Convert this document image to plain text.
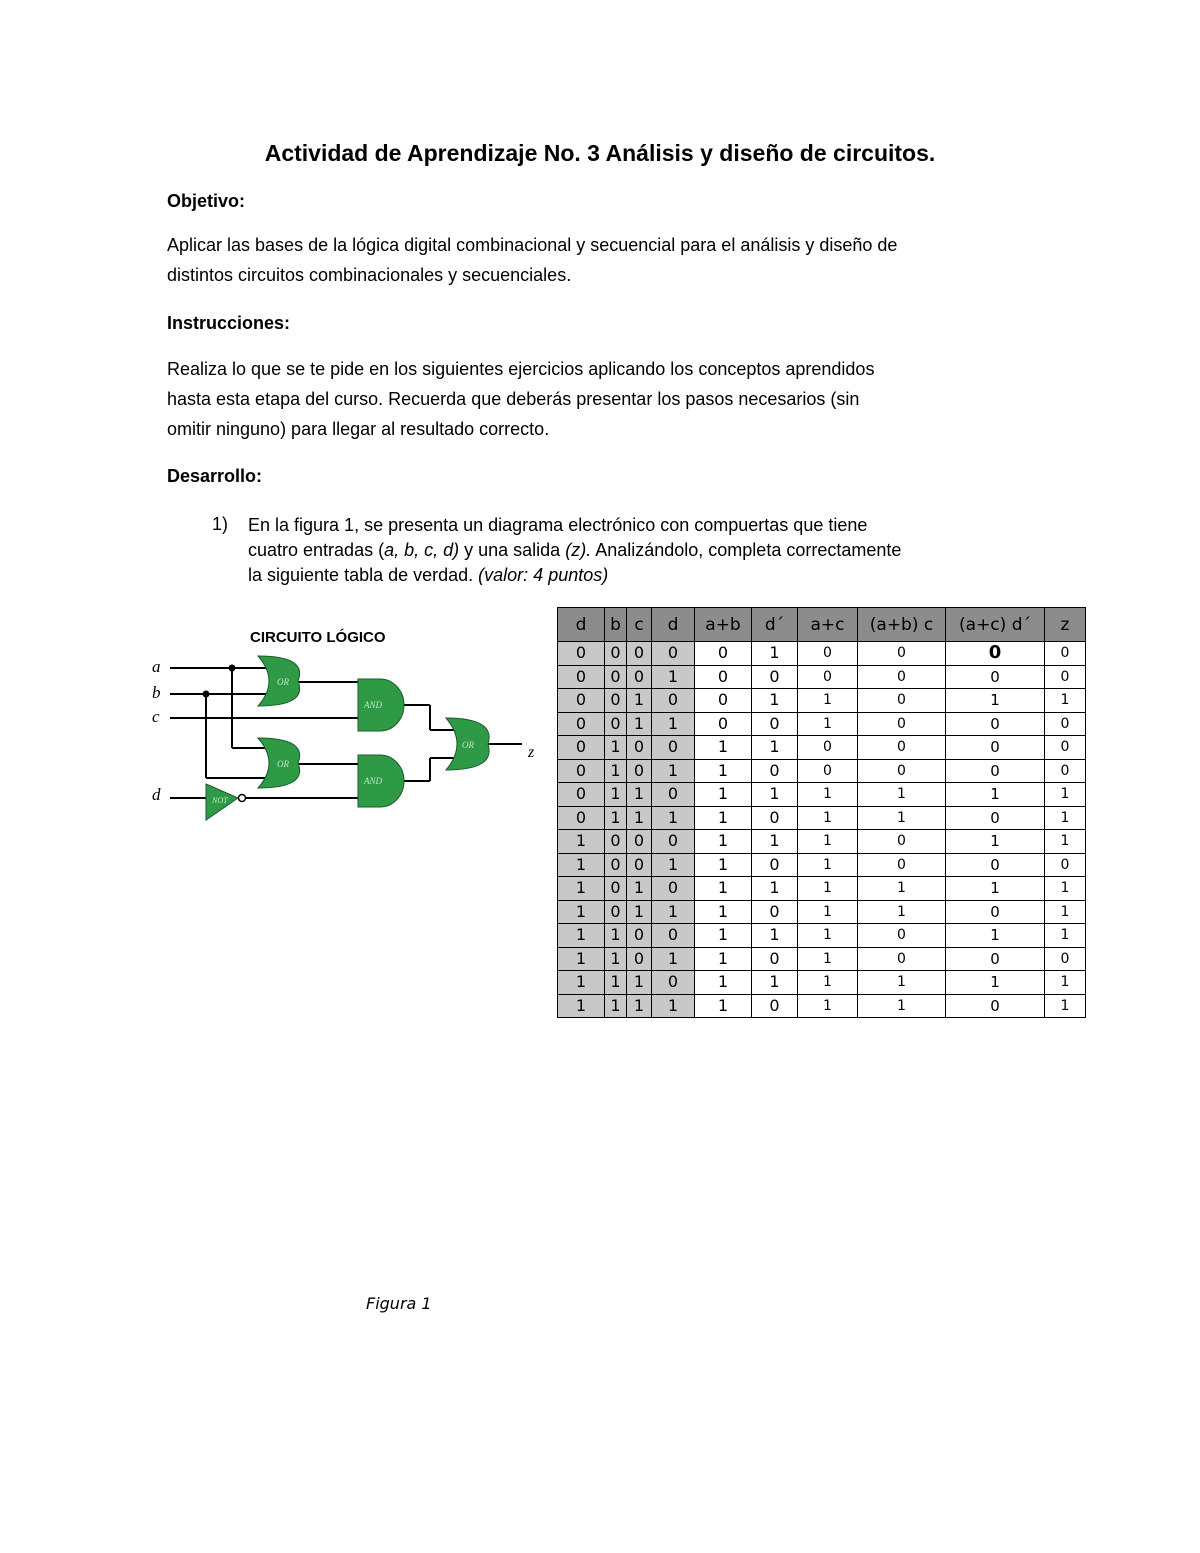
Actividad de Aprendizaje No. 3 Análisis y diseño de circuitos.
Objetivo:
Aplicar las bases de la lógica digital combinacional y secuencial para el análisis y diseño de
distintos circuitos combinacionales y secuenciales.
Instrucciones:
Realiza lo que se te pide en los siguientes ejercicios aplicando los conceptos aprendidos
hasta esta etapa del curso. Recuerda que deberás presentar los pasos necesarios (sin
omitir ninguno) para llegar al resultado correcto.
Desarrollo:
1) En la figura 1, se presenta un diagrama electrónico con compuertas que tiene
cuatro entradas (a, b, c, d) y una salida (z). Analizándolo, completa correctamente
la siguiente tabla de verdad. (valor: 4 puntos)
CIRCUITO LÓGICO
a
b
c
d
z
OR
OR
AND
AND
OR
NOT
d	b	c	d	a+b	d´	a+c	(a+b) c	(a+c) d´	z
0	0	0	0	0	1	0	0	0	0
0	0	0	1	0	0	0	0	0	0
0	0	1	0	0	1	1	0	1	1
0	0	1	1	0	0	1	0	0	0
0	1	0	0	1	1	0	0	0	0
0	1	0	1	1	0	0	0	0	0
0	1	1	0	1	1	1	1	1	1
0	1	1	1	1	0	1	1	0	1
1	0	0	0	1	1	1	0	1	1
1	0	0	1	1	0	1	0	0	0
1	0	1	0	1	1	1	1	1	1
1	0	1	1	1	0	1	1	0	1
1	1	0	0	1	1	1	0	1	1
1	1	0	1	1	0	1	0	0	0
1	1	1	0	1	1	1	1	1	1
1	1	1	1	1	0	1	1	0	1
Figura 1
